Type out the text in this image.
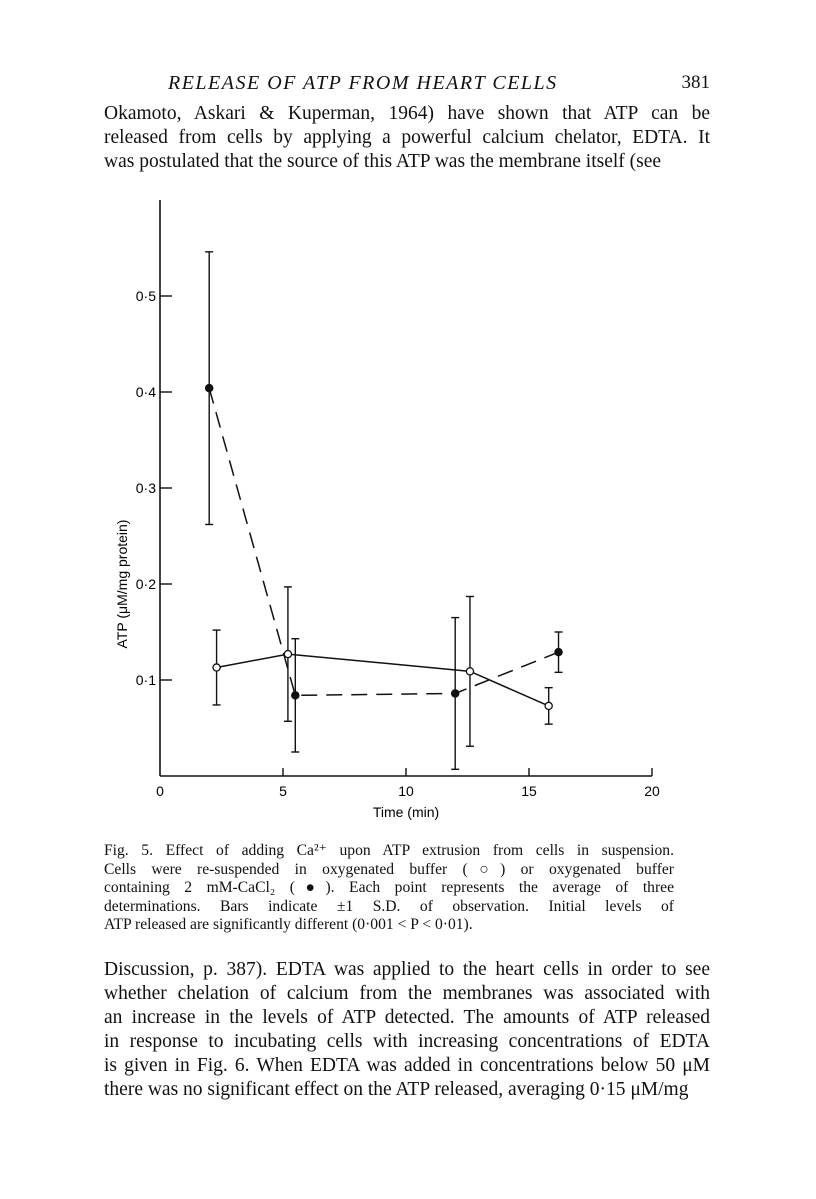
RELEASE OF ATP FROM HEART CELLS	381
Okamoto, Askari & Kuperman, 1964) have shown that ATP can be
released from cells by applying a powerful calcium chelator, EDTA. It
was postulated that the source of this ATP was the membrane itself (see
0·1
0·2
0·3
0·4
0·5
0	5	10	15	20
Time (min)
ATP (μM/mg protein)
Fig. 5. Effect of adding Ca²⁺ upon ATP extrusion from cells in suspension.
Cells were re-suspended in oxygenated buffer (○) or oxygenated buffer
containing 2 mM-CaCl₂ (●). Each point represents the average of three
determinations. Bars indicate ±1 S.D. of observation. Initial levels of
ATP released are significantly different (0·001 < P < 0·01).
Discussion, p. 387). EDTA was applied to the heart cells in order to see
whether chelation of calcium from the membranes was associated with
an increase in the levels of ATP detected. The amounts of ATP released
in response to incubating cells with increasing concentrations of EDTA
is given in Fig. 6. When EDTA was added in concentrations below 50 μM
there was no significant effect on the ATP released, averaging 0·15 μM/mg
